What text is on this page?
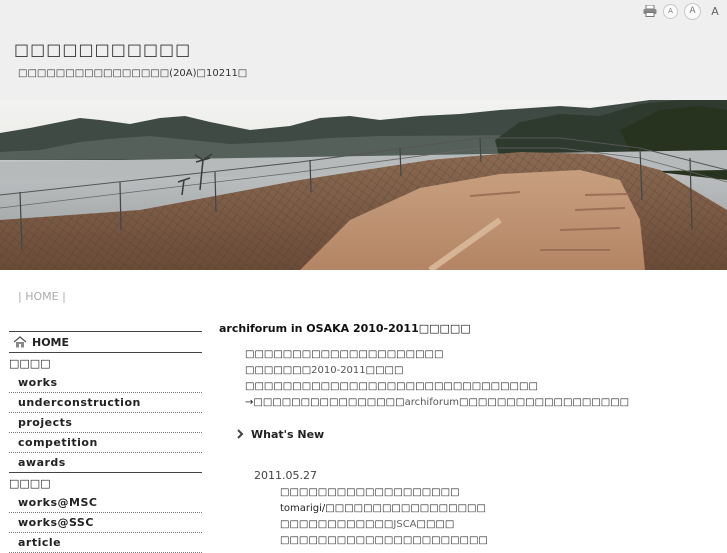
□□□□□□□□□□□
□□□□□□□□□□□□□□□□(20A)□10211□
A	A	A
| HOME |
HOME
□□□□
works
underconstruction
projects
competition
awards
□□□□
works@MSC
works@SSC
article
archiforum in OSAKA 2010-2011□□□□□
□□□□□□□□□□□□□□□□□□□□□
□□□□□□□2010-2011□□□□
□□□□□□□□□□□□□□□□□□□□□□□□□□□□□□□
→□□□□□□□□□□□□□□□□archiforum□□□□□□□□□□□□□□□□□□
What's New
2011.05.27
□□□□□□□□□□□□□□□□□□□
tomarigi/□□□□□□□□□□□□□□□□□
□□□□□□□□□□□□JSCA□□□□
□□□□□□□□□□□□□□□□□□□□□□
